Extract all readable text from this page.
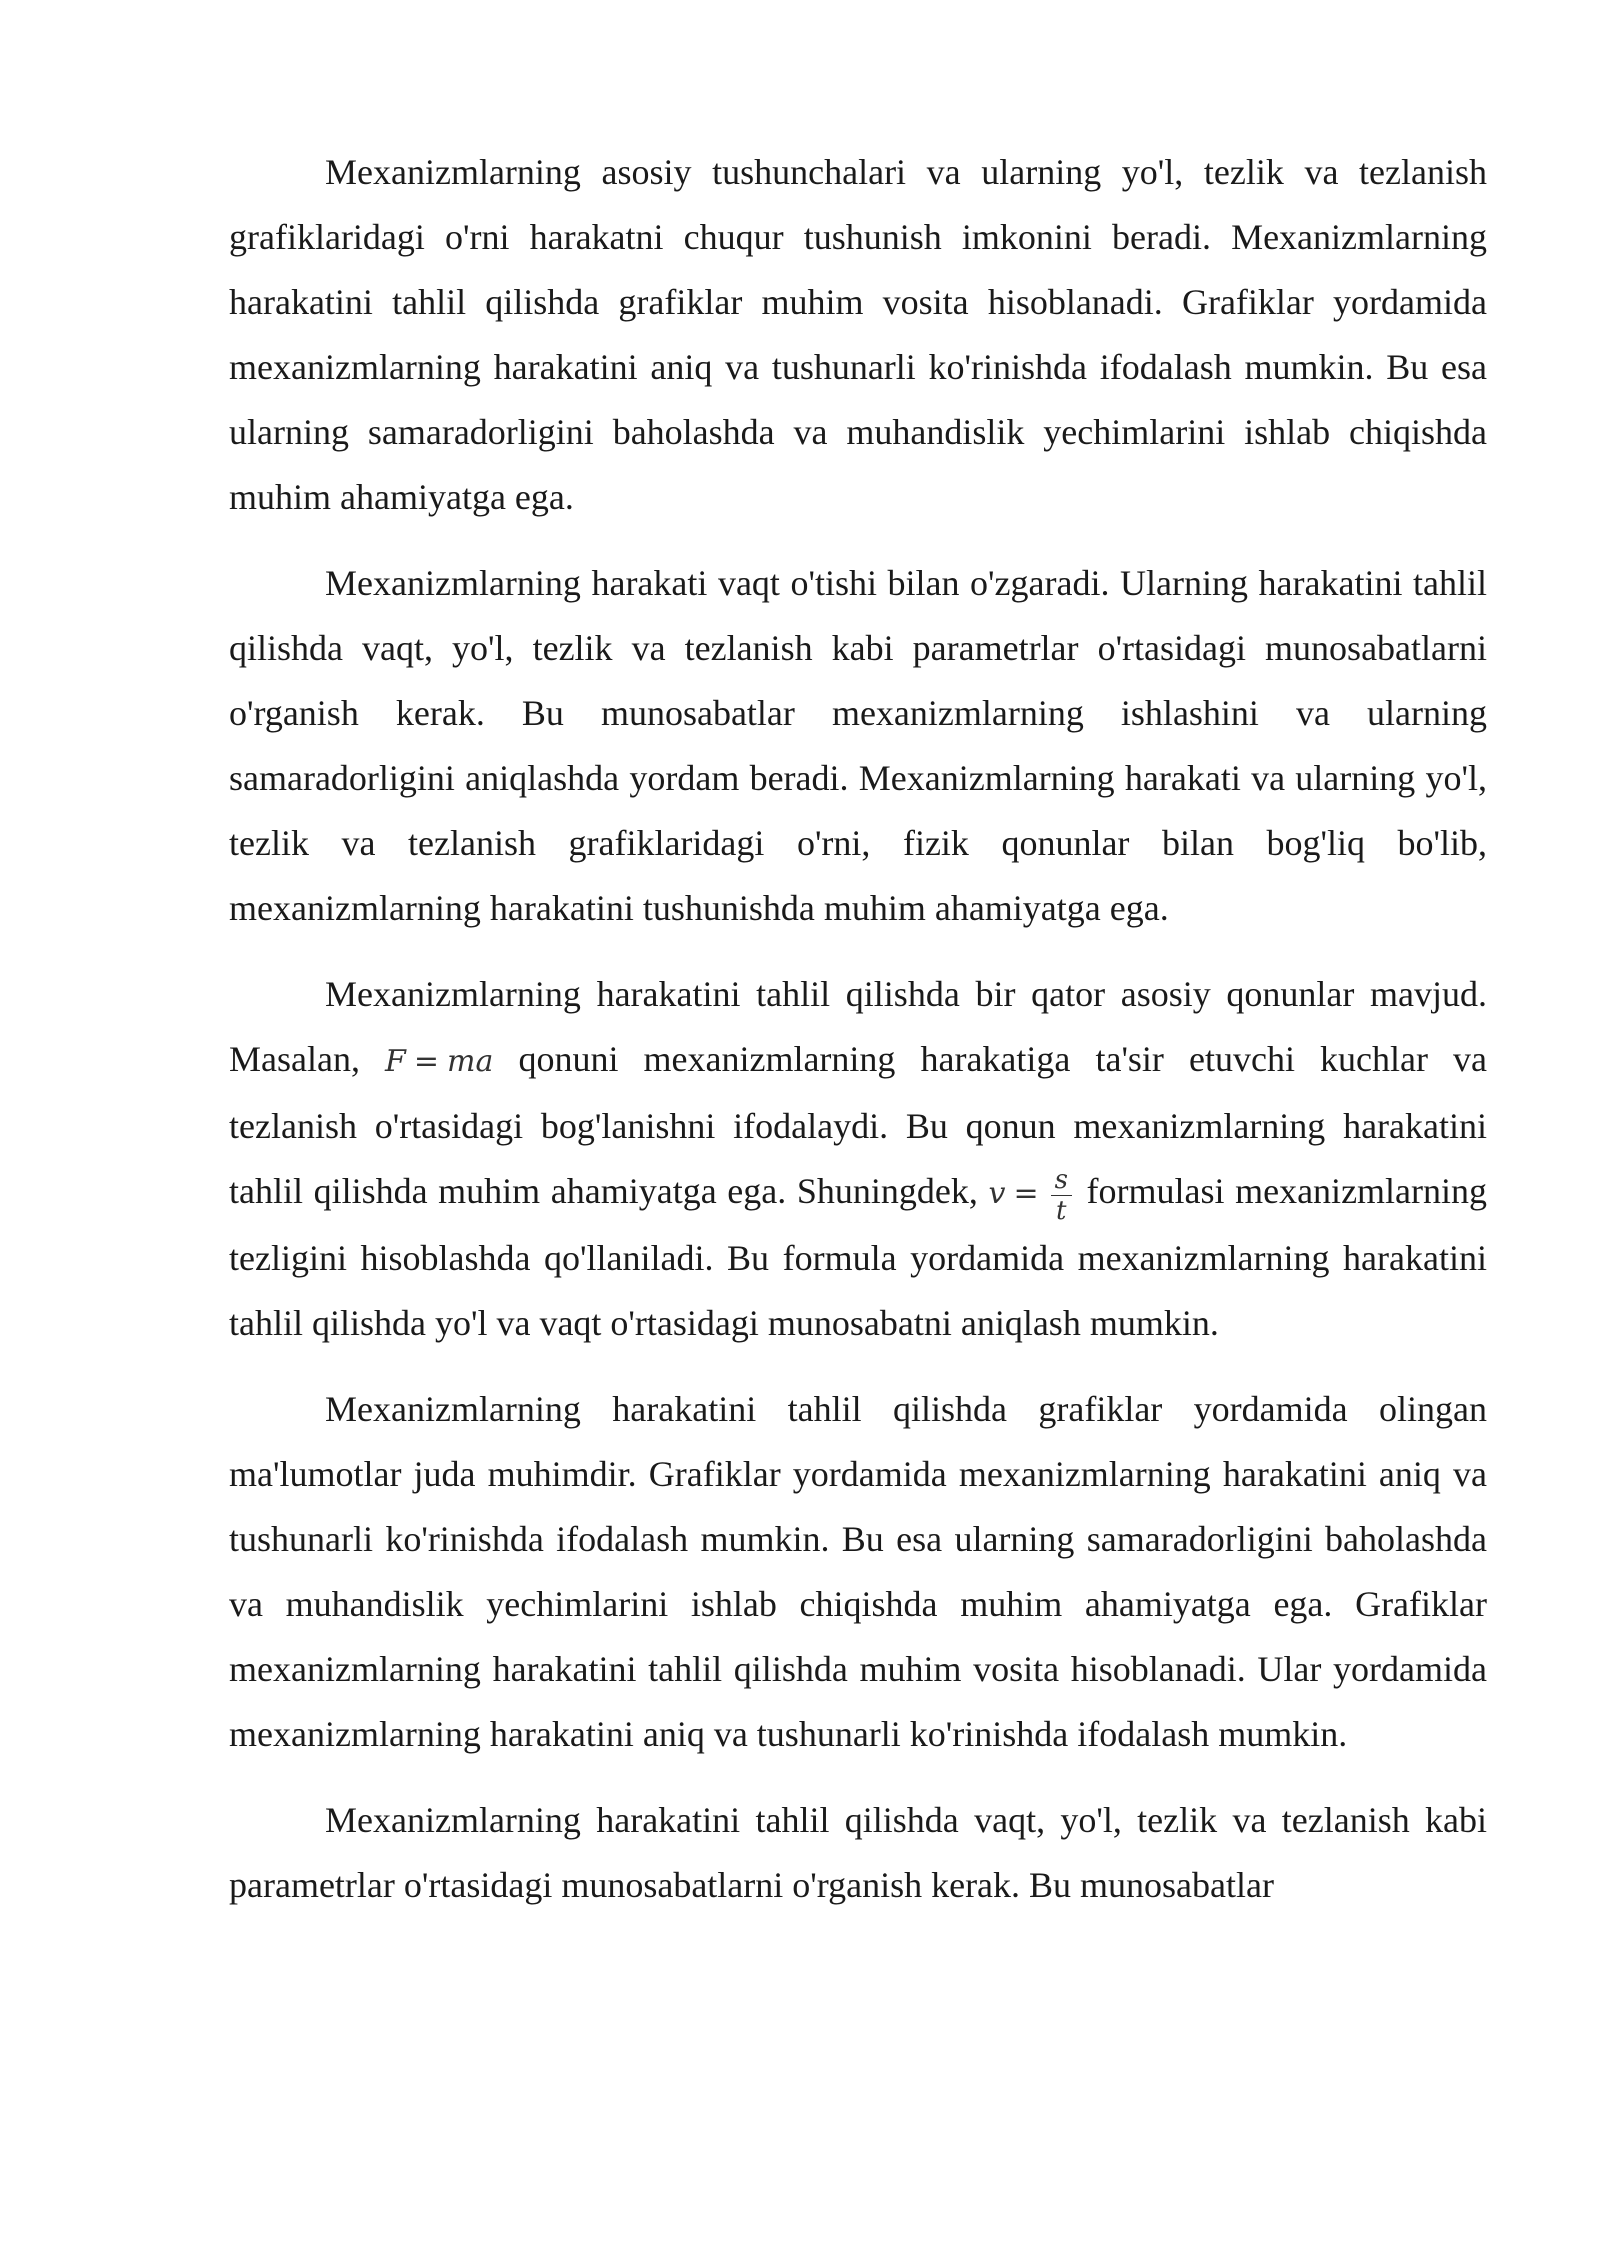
Mexanizmlarning asosiy tushunchalari va ularning yo'l, tezlik va tezlanish grafiklaridagi o'rni harakatni chuqur tushunish imkonini beradi. Mexanizmlarning harakatini tahlil qilishda grafiklar muhim vosita hisoblanadi. Grafiklar yordamida mexanizmlarning harakatini aniq va tushunarli ko'rinishda ifodalash mumkin. Bu esa ularning samaradorligini baholashda va muhandislik yechimlarini ishlab chiqishda muhim ahamiyatga ega.

Mexanizmlarning harakati vaqt o'tishi bilan o'zgaradi. Ularning harakatini tahlil qilishda vaqt, yo'l, tezlik va tezlanish kabi parametrlar o'rtasidagi munosabatlarni o'rganish kerak. Bu munosabatlar mexanizmlarning ishlashini va ularning samaradorligini aniqlashda yordam beradi. Mexanizmlarning harakati va ularning yo'l, tezlik va tezlanish grafiklaridagi o'rni, fizik qonunlar bilan bog'liq bo'lib, mexanizmlarning harakatini tushunishda muhim ahamiyatga ega.

Mexanizmlarning harakatini tahlil qilishda bir qator asosiy qonunlar mavjud. Masalan, F = ma qonuni mexanizmlarning harakatiga ta'sir etuvchi kuchlar va tezlanish o'rtasidagi bog'lanishni ifodalaydi. Bu qonun mexanizmlarning harakatini tahlil qilishda muhim ahamiyatga ega. Shuningdek, $v = \frac{s}{t}$ formulasi mexanizmlarning tezligini hisoblashda qo'llaniladi. Bu formula yordamida mexanizmlarning harakatini tahlil qilishda yo'l va vaqt o'rtasidagi munosabatni aniqlash mumkin.

Mexanizmlarning harakatini tahlil qilishda grafiklar yordamida olingan ma'lumotlar juda muhimdir. Grafiklar yordamida mexanizmlarning harakatini aniq va tushunarli ko'rinishda ifodalash mumkin. Bu esa ularning samaradorligini baholashda va muhandislik yechimlarini ishlab chiqishda muhim ahamiyatga ega. Grafiklar mexanizmlarning harakatini tahlil qilishda muhim vosita hisoblanadi. Ular yordamida mexanizmlarning harakatini aniq va tushunarli ko'rinishda ifodalash mumkin.

Mexanizmlarning harakatini tahlil qilishda vaqt, yo'l, tezlik va tezlanish kabi parametrlar o'rtasidagi munosabatlarni o'rganish kerak. Bu munosabatlar
